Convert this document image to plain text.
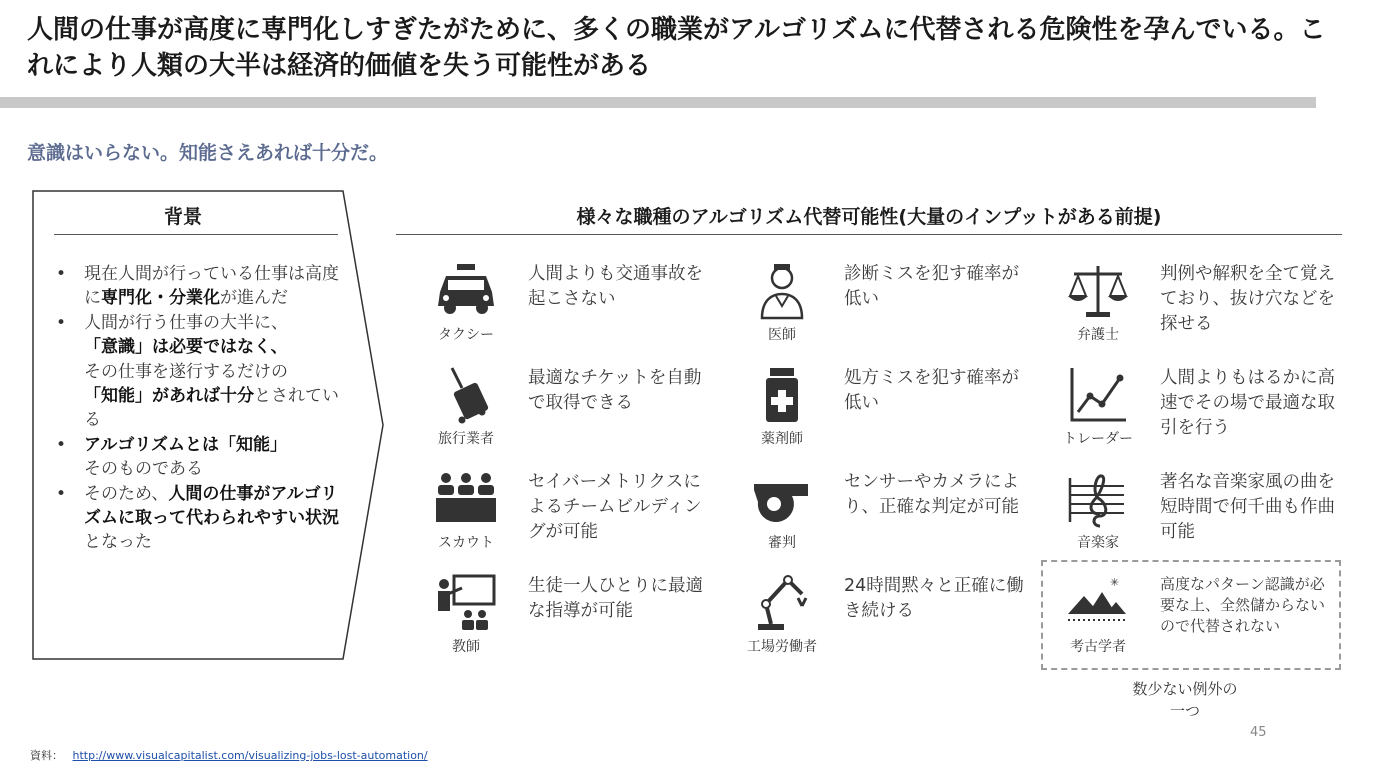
人間の仕事が高度に専門化しすぎたがために、多くの職業がアルゴリズムに代替される危険性を孕んでいる。これにより人類の大半は経済的価値を失う可能性がある
意識はいらない。知能さえあれば十分だ。
背景
• 現在人間が行っている仕事は高度に専門化・分業化が進んだ
• 人間が行う仕事の大半に、
「意識」は必要ではなく、
その仕事を遂行するだけの
「知能」があれば十分とされている
• アルゴリズムとは「知能」
そのものである
• そのため、人間の仕事がアルゴリズムに取って代わられやすい状況となった
様々な職種のアルゴリズム代替可能性(大量のインプットがある前提)
タクシー
人間よりも交通事故を起こさない
医師
診断ミスを犯す確率が低い
弁護士
判例や解釈を全て覚えており、抜け穴などを探せる
旅行業者
最適なチケットを自動で取得できる
薬剤師
処方ミスを犯す確率が低い
トレーダー
人間よりもはるかに高速でその場で最適な取引を行う
スカウト
セイバーメトリクスによるチームビルディングが可能
審判
センサーやカメラにより、正確な判定が可能
音楽家
著名な音楽家風の曲を短時間で何千曲も作曲可能
教師
生徒一人ひとりに最適な指導が可能
工場労働者
24時間黙々と正確に働き続ける
✳
考古学者
高度なパターン認識が必要な上、全然儲からないので代替されない
数少ない例外の一つ
45
資料： http://www.visualcapitalist.com/visualizing-jobs-lost-automation/
